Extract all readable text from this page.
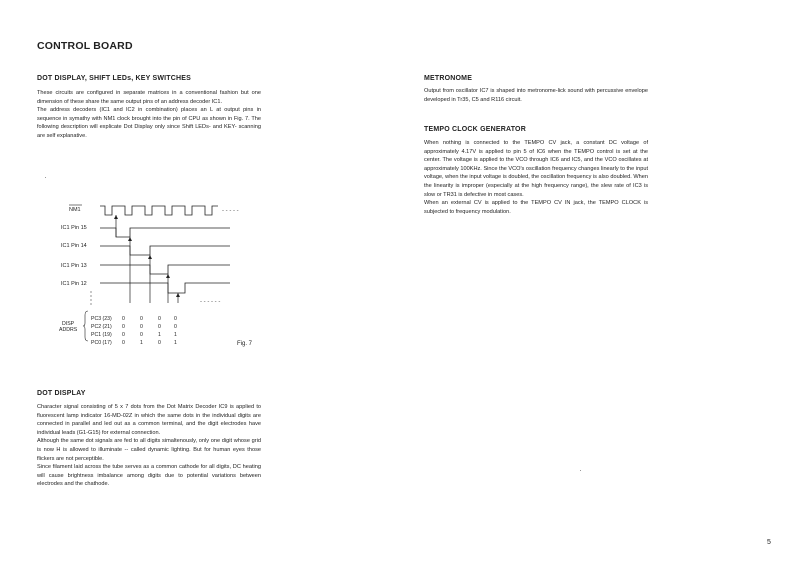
CONTROL BOARD
DOT DISPLAY, SHIFT LEDs, KEY SWITCHES

These circuits are configured in separate matrices in a conventional fashion but one dimension of these share the same output pins of an address decoder IC1.

The address decoders (IC1 and IC2 in combination) places an L at output pins in sequence in symathy with NM1 clock brought into the pin of CPU as shown in Fig. 7. The following description will explicate Dot Display only since Shift LEDs- and KEY- scanning are self explanative.

METRONOME

Output from oscillator IC7 is shaped into metronome-lick sound with percussive envelope developed in Tr35, C5 and R116 circuit.

TEMPO CLOCK GENERATOR

When nothing is connected to the TEMPO CV jack, a constant DC voltage of approximately 4.17V is applied to pin 5 of IC6 when the TEMPO control is set at the center. The voltage is applied to the VCO through IC6 and IC5, and the VCO oscillates at approximately 100KHz. Since the VCO's oscillation frequency changes linearly to the input voltage, when the input voltage is doubled, the oscillation frequency is also doubled. When the linearity is improper (especially at the high frequency range), the slew rate of IC3 is slow or TR31 is defective in most cases.

When an external CV is applied to the TEMPO CV IN jack, the TEMPO CLOCK is subjected to frequency modulation.

NM1
IC1 Pin 15
IC1 Pin 14
IC1 Pin 13
IC1 Pin 12
- - - - -
- - - - - -
DISP
ADDRS
PC3 (23) 0	0	0	0
PC2 (21) 0	0	0	0
PC1 (19) 0	0	1	1
PC0 (17) 0	1	0	1	Fig. 7
DOT DISPLAY

Character signal consisting of 5 x 7 dots from the Dot Matrix Decoder IC9 is applied to fluorescent lamp indicator 16-MD-02Z in which the same dots in the individual digits are connected in parallel and led out as a common terminal, and the digit electrodes have individual leads (G1-G15) for external connection.

Although the same dot signals are fed to all digits simaltenously, only one digit whose grid is now H is allowed to illuminate -- called dynamic lighting. But for human eyes those flickers are not perceptible.

Since filament laid across the tube serves as a common cathode for all digits, DC heating will cause brightness imbalance among digits due to potential variations between electrodes and the chathode.

5
